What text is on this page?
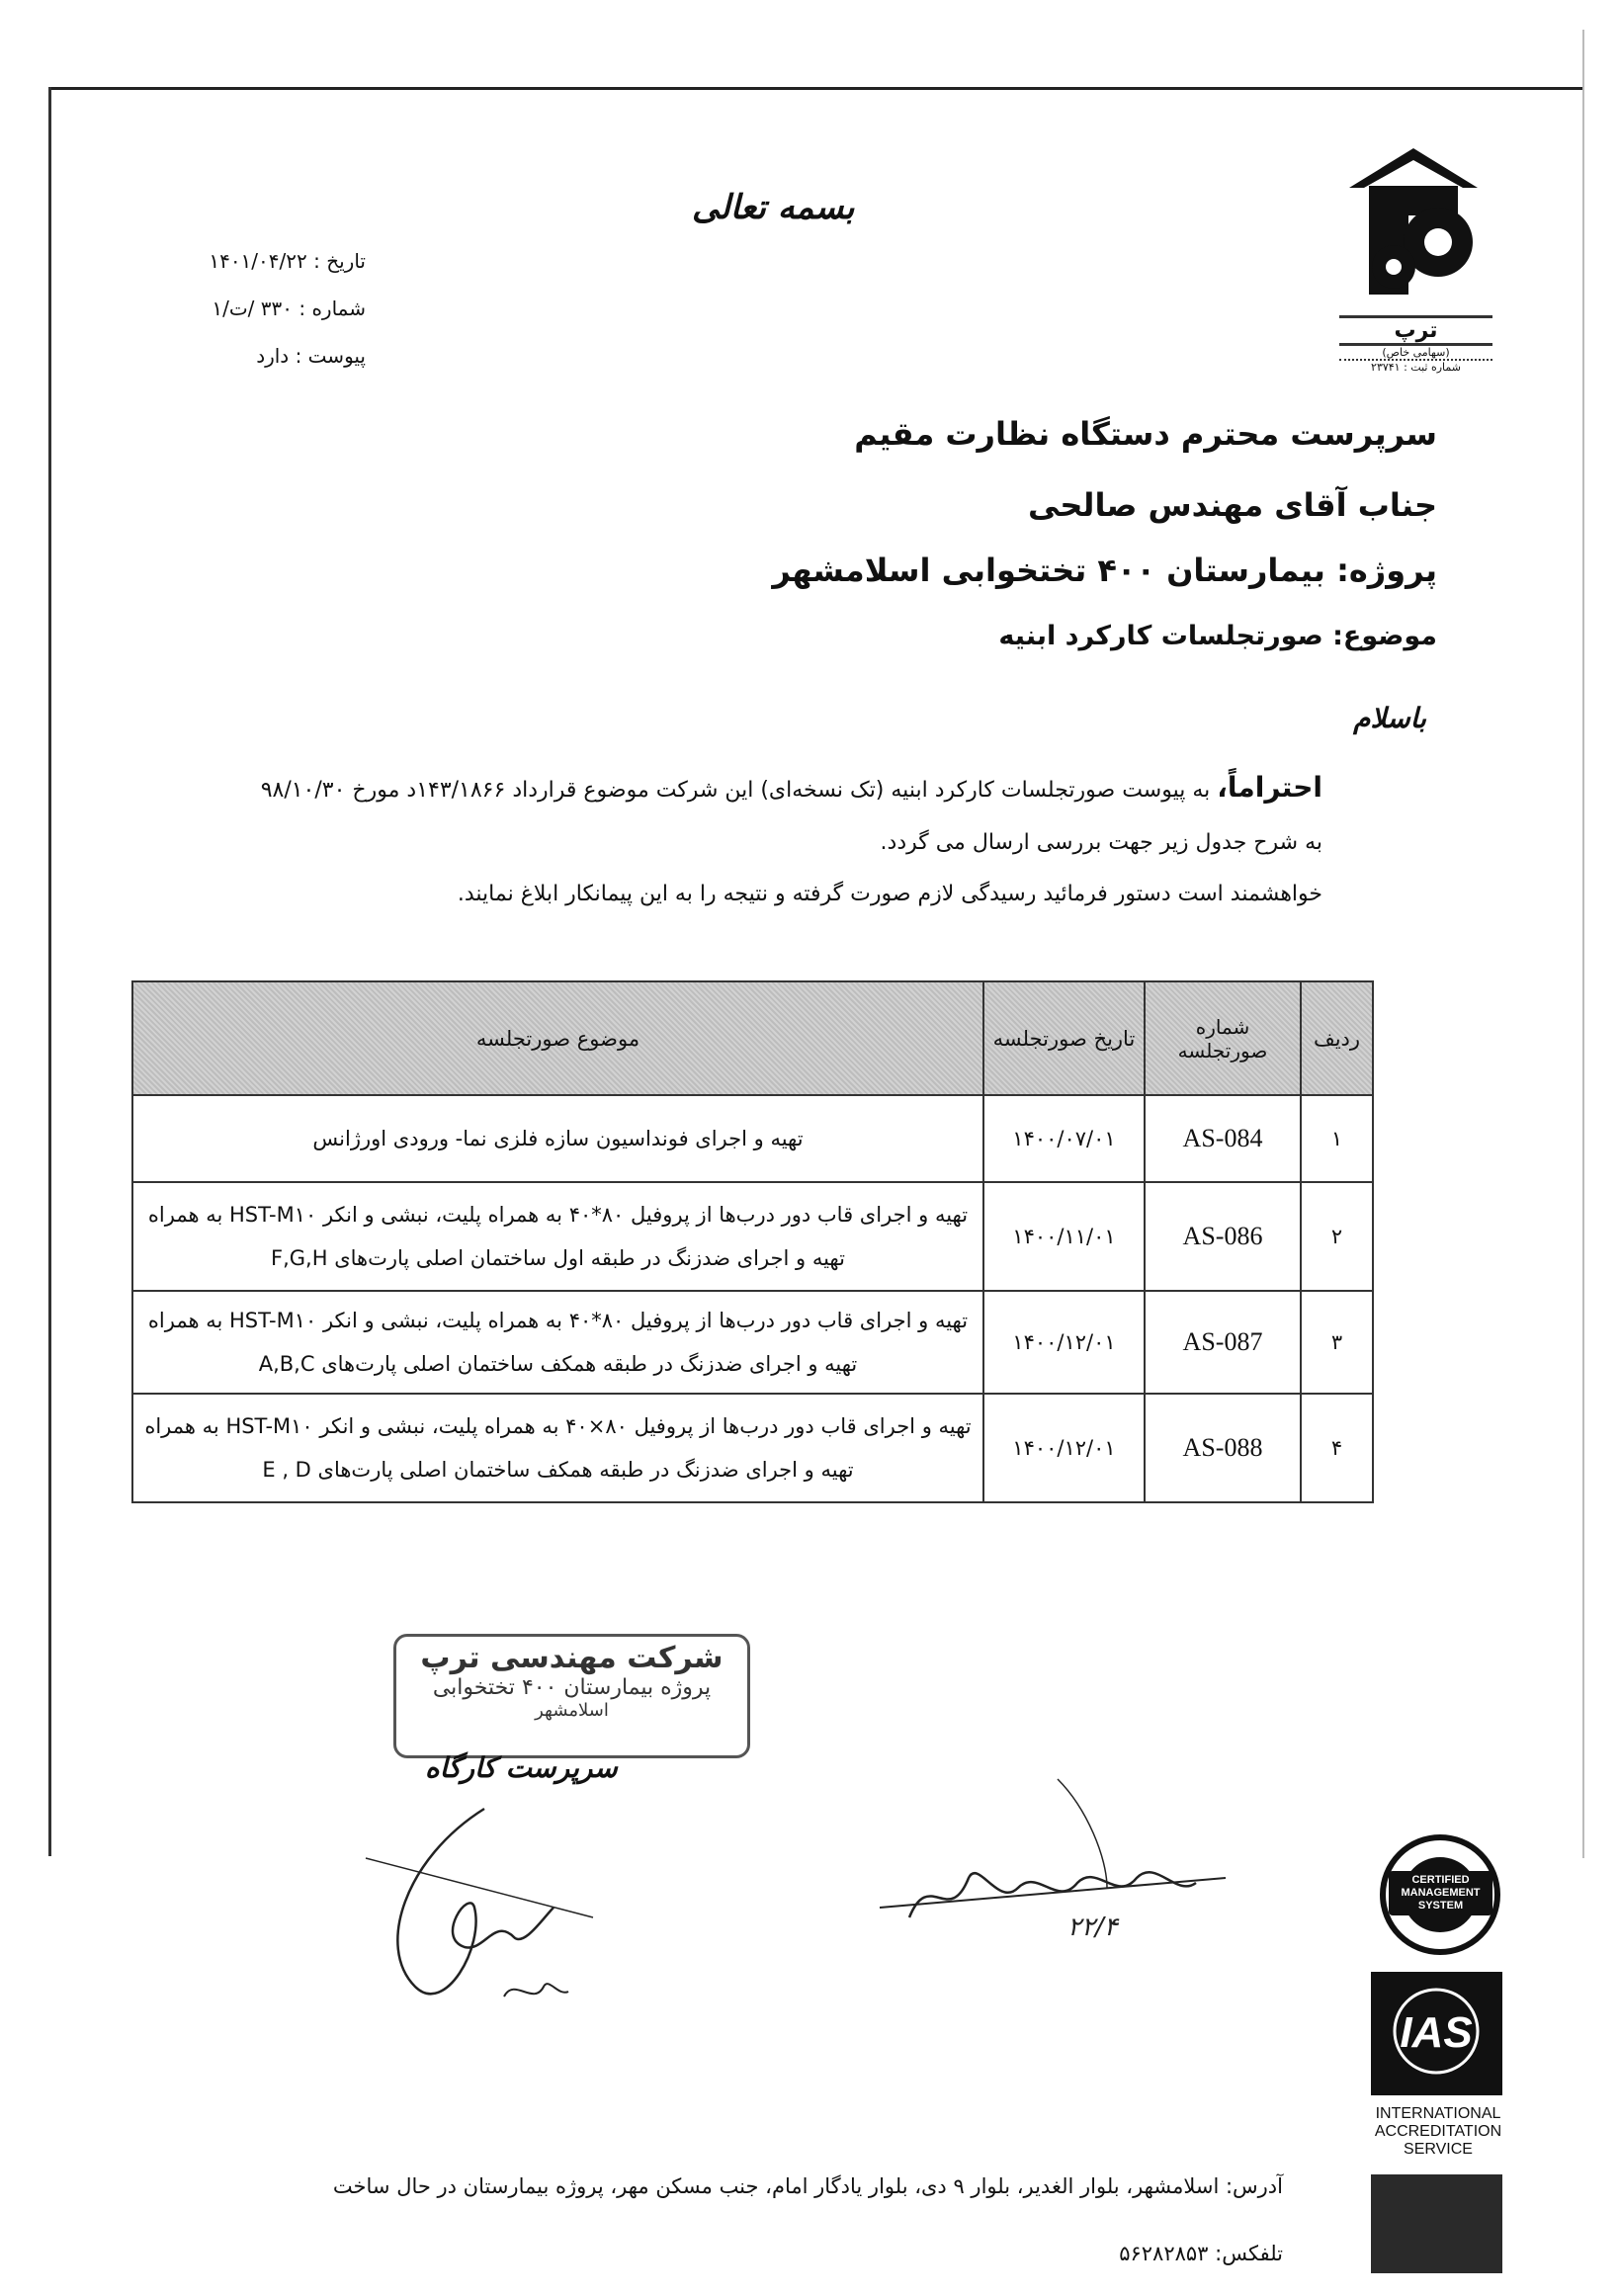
ترپ
(سهامی خاص)
شماره ثبت : ۲۳۷۴۱
بسمه تعالی
تاریخ : ۱۴۰۱/۰۴/۲۲
شماره : ۳۳۰ /ت/۱
پیوست : دارد
سرپرست محترم دستگاه نظارت مقیم
جناب آقای مهندس صالحی
پروژه: بیمارستان ۴۰۰ تختخوابی اسلامشهر
موضوع: صورتجلسات کارکرد ابنیه
باسلام
احتراماً، به پیوست صورتجلسات کارکرد ابنیه (تک نسخه‌ای) این شرکت موضوع قرارداد ۱۴۳/۱۸۶۶د مورخ ۹۸/۱۰/۳۰
به شرح جدول زیر جهت بررسی ارسال می گردد.
خواهشمند است دستور فرمائید رسیدگی لازم صورت گرفته و نتیجه را به این پیمانکار ابلاغ نمایند.
ردیف	شماره صورتجلسه	تاریخ صورتجلسه	موضوع صورتجلسه
۱	AS-084	۱۴۰۰/۰۷/۰۱	تهیه و اجرای فونداسیون سازه فلزی نما- ورودی اورژانس
۲	AS-086	۱۴۰۰/۱۱/۰۱	تهیه و اجرای قاب دور درب‌ها از پروفیل ۸۰*۴۰ به همراه پلیت، نبشی و انکر HST-M۱۰ به همراه تهیه و اجرای ضدزنگ در طبقه اول ساختمان اصلی پارت‌های F,G,H
۳	AS-087	۱۴۰۰/۱۲/۰۱	تهیه و اجرای قاب دور درب‌ها از پروفیل ۸۰*۴۰ به همراه پلیت، نبشی و انکر HST-M۱۰ به همراه تهیه و اجرای ضدزنگ در طبقه همکف ساختمان اصلی پارت‌های A,B,C
۴	AS-088	۱۴۰۰/۱۲/۰۱	تهیه و اجرای قاب دور درب‌ها از پروفیل ۸۰×۴۰ به همراه پلیت، نبشی و انکر HST-M۱۰ به همراه تهیه و اجرای ضدزنگ در طبقه همکف ساختمان اصلی پارت‌های E , D
شرکت مهندسی ترپ
پروژه بیمارستان ۴۰۰ تختخوابی
اسلامشهر
سرپرست کارگاه
۲۲/۴
CERTIFIED MANAGEMENT SYSTEM
IAS
INTERNATIONAL ACCREDITATION SERVICE
آدرس: اسلامشهر، بلوار الغدیر، بلوار ۹ دی، بلوار یادگار امام، جنب مسکن مهر، پروژه بیمارستان در حال ساخت
تلفکس: ۵۶۲۸۲۸۵۳
